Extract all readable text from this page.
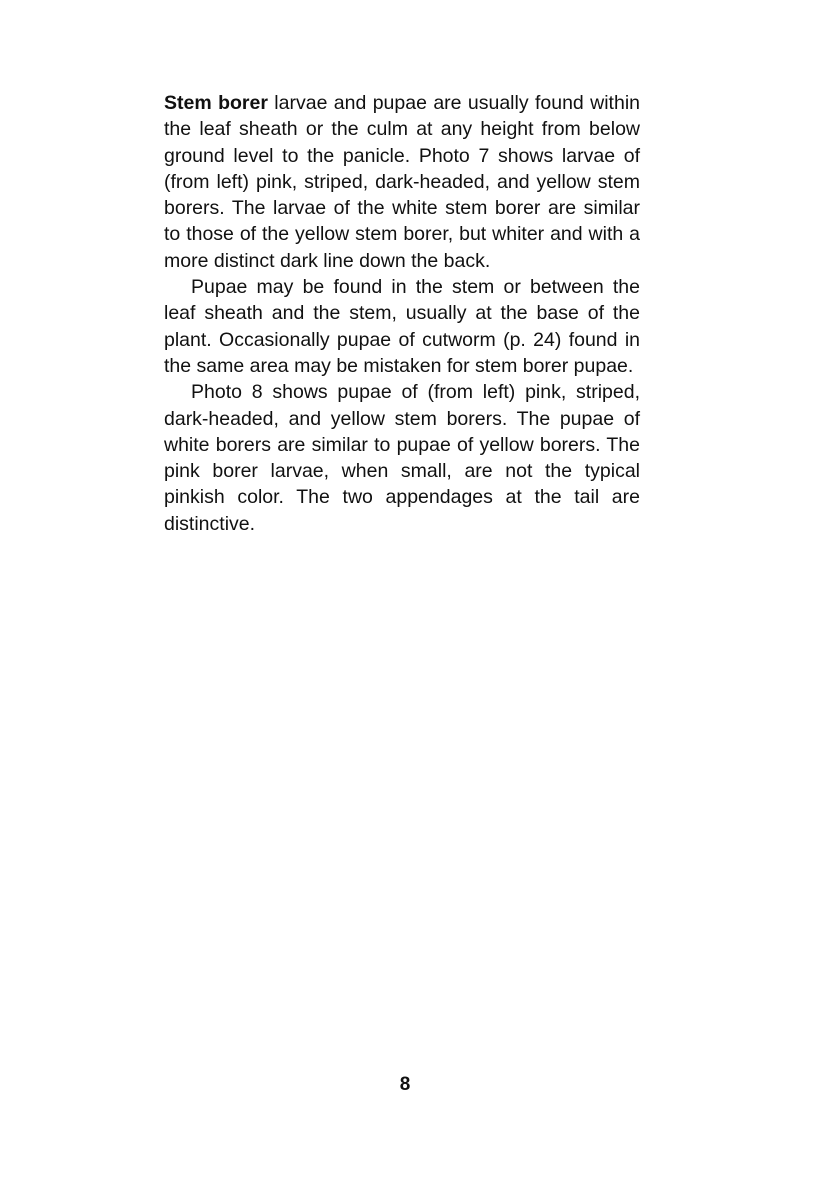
Stem borer larvae and pupae are usually found within the leaf sheath or the culm at any height from below ground level to the panicle. Photo 7 shows larvae of (from left) pink, striped, dark-headed, and yellow stem borers. The larvae of the white stem borer are similar to those of the yellow stem borer, but whiter and with a more distinct dark line down the back.

Pupae may be found in the stem or between the leaf sheath and the stem, usually at the base of the plant. Occasionally pupae of cutworm (p. 24) found in the same area may be mistaken for stem borer pupae.

Photo 8 shows pupae of (from left) pink, striped, dark-headed, and yellow stem borers. The pupae of white borers are similar to pupae of yellow borers. The pink borer larvae, when small, are not the typical pinkish color. The two appendages at the tail are distinctive.

8
